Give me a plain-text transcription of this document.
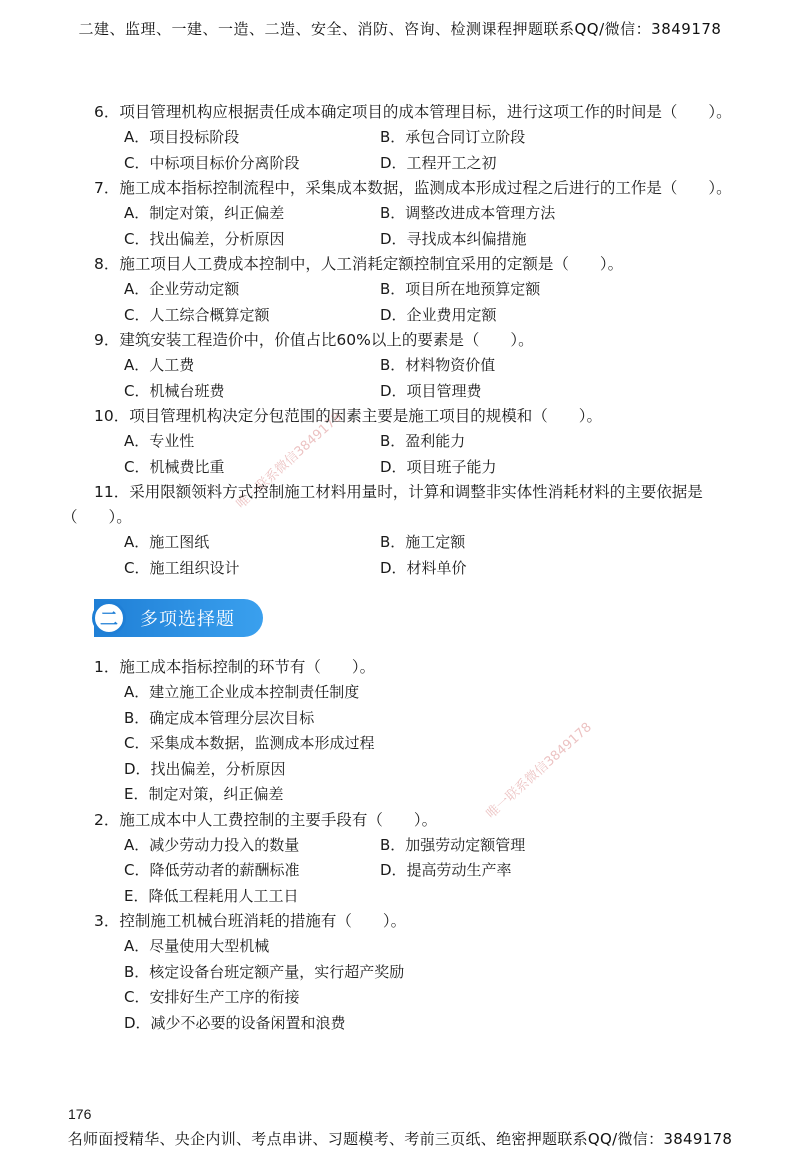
二建、监理、一建、一造、二造、安全、消防、咨询、检测课程押题联系QQ/微信：3849178
唯一联系微信3849178
唯一联系微信3849178
6．项目管理机构应根据责任成本确定项目的成本管理目标，进行这项工作的时间是（　　）。
A．项目投标阶段	B．承包合同订立阶段
C．中标项目标价分离阶段	D．工程开工之初
7．施工成本指标控制流程中，采集成本数据，监测成本形成过程之后进行的工作是（　　）。
A．制定对策，纠正偏差	B．调整改进成本管理方法
C．找出偏差，分析原因	D．寻找成本纠偏措施
8．施工项目人工费成本控制中，人工消耗定额控制宜采用的定额是（　　）。
A．企业劳动定额	B．项目所在地预算定额
C．人工综合概算定额	D．企业费用定额
9．建筑安装工程造价中，价值占比60%以上的要素是（　　）。
A．人工费	B．材料物资价值
C．机械台班费	D．项目管理费
10．项目管理机构决定分包范围的因素主要是施工项目的规模和（　　）。
A．专业性	B．盈利能力
C．机械费比重	D．项目班子能力
11．采用限额领料方式控制施工材料用量时，计算和调整非实体性消耗材料的主要依据是（　　）。
A．施工图纸	B．施工定额
C．施工组织设计	D．材料单价
二	多项选择题
1．施工成本指标控制的环节有（　　）。
A．建立施工企业成本控制责任制度
B．确定成本管理分层次目标
C．采集成本数据，监测成本形成过程
D．找出偏差，分析原因
E．制定对策，纠正偏差
2．施工成本中人工费控制的主要手段有（　　）。
A．减少劳动力投入的数量	B．加强劳动定额管理
C．降低劳动者的薪酬标准	D．提高劳动生产率
E．降低工程耗用人工工日
3．控制施工机械台班消耗的措施有（　　）。
A．尽量使用大型机械
B．核定设备台班定额产量，实行超产奖励
C．安排好生产工序的衔接
D．减少不必要的设备闲置和浪费
176
名师面授精华、央企内训、考点串讲、习题模考、考前三页纸、绝密押题联系QQ/微信：3849178
